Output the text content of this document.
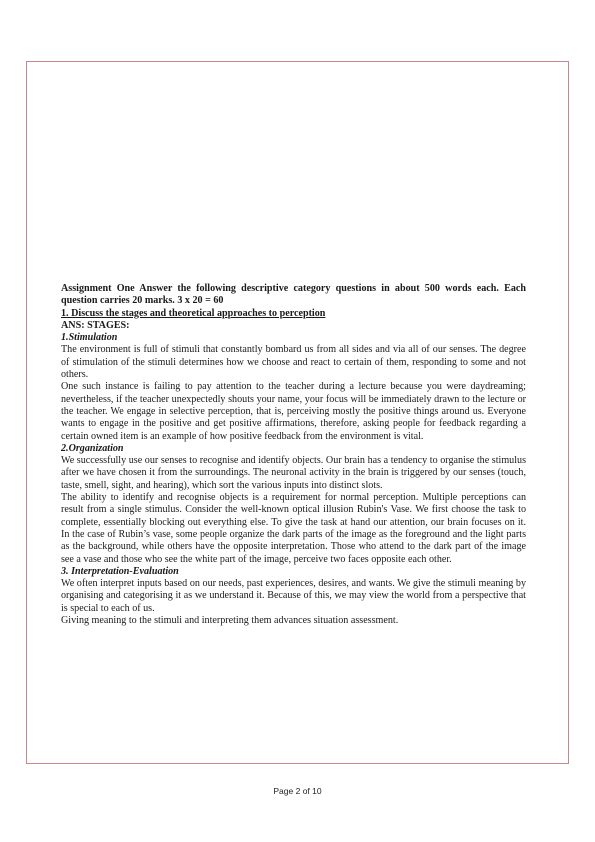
Assignment One Answer the following descriptive category questions in about 500 words each. Each question carries 20 marks. 3 x 20 = 60

1. Discuss the stages and theoretical approaches to perception

ANS: STAGES:

1.Stimulation

The environment is full of stimuli that constantly bombard us from all sides and via all of our senses. The degree of stimulation of the stimuli determines how we choose and react to certain of them, responding to some and not others.

One such instance is failing to pay attention to the teacher during a lecture because you were daydreaming; nevertheless, if the teacher unexpectedly shouts your name, your focus will be immediately drawn to the lecture or the teacher. We engage in selective perception, that is, perceiving mostly the positive things around us. Everyone wants to engage in the positive and get positive affirmations, therefore, asking people for feedback regarding a certain owned item is an example of how positive feedback from the environment is vital.

2.Organization

We successfully use our senses to recognise and identify objects. Our brain has a tendency to organise the stimulus after we have chosen it from the surroundings. The neuronal activity in the brain is triggered by our senses (touch, taste, smell, sight, and hearing), which sort the various inputs into distinct slots.

The ability to identify and recognise objects is a requirement for normal perception. Multiple perceptions can result from a single stimulus. Consider the well-known optical illusion Rubin's Vase. We first choose the task to complete, essentially blocking out everything else. To give the task at hand our attention, our brain focuses on it. In the case of Rubin’s vase, some people organize the dark parts of the image as the foreground and the light parts as the background, while others have the opposite interpretation. Those who attend to the dark part of the image see a vase and those who see the white part of the image, perceive two faces opposite each other.

3. Interpretation-Evaluation

We often interpret inputs based on our needs, past experiences, desires, and wants. We give the stimuli meaning by organising and categorising it as we understand it. Because of this, we may view the world from a perspective that is special to each of us.

Giving meaning to the stimuli and interpreting them advances situation assessment.

Page 2 of 10
